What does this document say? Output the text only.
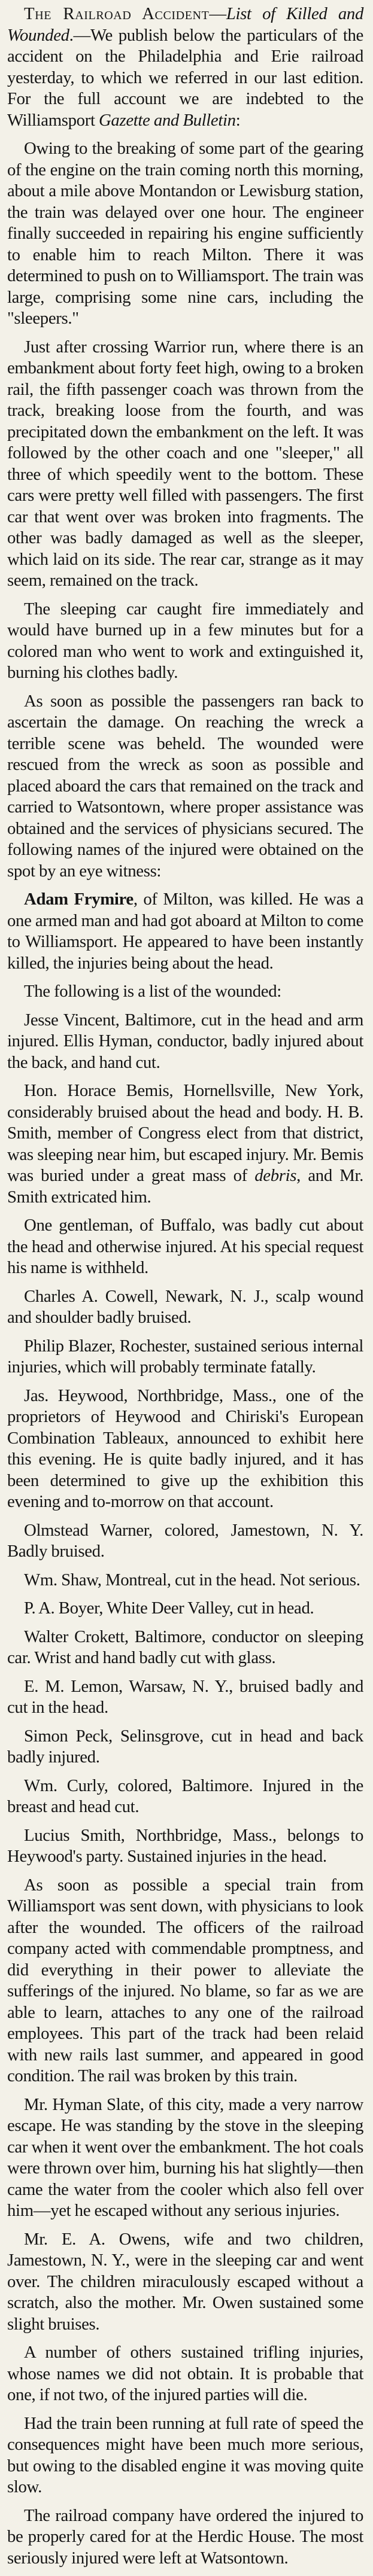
The Railroad Accident—List of Killed and Wounded.—We publish below the particulars of the accident on the Philadelphia and Erie railroad yesterday, to which we referred in our last edition. For the full account we are indebted to the Williamsport Gazette and Bulletin:

Owing to the breaking of some part of the gearing of the engine on the train coming north this morning, about a mile above Montandon or Lewisburg station, the train was delayed over one hour. The engineer finally succeeded in repairing his engine sufficiently to enable him to reach Milton. There it was determined to push on to Williamsport. The train was large, comprising some nine cars, including the "sleepers."

Just after crossing Warrior run, where there is an embankment about forty feet high, owing to a broken rail, the fifth passenger coach was thrown from the track, breaking loose from the fourth, and was precipitated down the embankment on the left. It was followed by the other coach and one "sleeper," all three of which speedily went to the bottom. These cars were pretty well filled with passengers. The first car that went over was broken into fragments. The other was badly damaged as well as the sleeper, which laid on its side. The rear car, strange as it may seem, remained on the track.

The sleeping car caught fire immediately and would have burned up in a few minutes but for a colored man who went to work and extinguished it, burning his clothes badly.

As soon as possible the passengers ran back to ascertain the damage. On reaching the wreck a terrible scene was beheld. The wounded were rescued from the wreck as soon as possible and placed aboard the cars that remained on the track and carried to Watsontown, where proper assistance was obtained and the services of physicians secured. The following names of the injured were obtained on the spot by an eye witness:

Adam Frymire, of Milton, was killed. He was a one armed man and had got aboard at Milton to come to Williamsport. He appeared to have been instantly killed, the injuries being about the head.

The following is a list of the wounded:

Jesse Vincent, Baltimore, cut in the head and arm injured. Ellis Hyman, conductor, badly injured about the back, and hand cut.

Hon. Horace Bemis, Hornellsville, New York, considerably bruised about the head and body. H. B. Smith, member of Congress elect from that district, was sleeping near him, but escaped injury. Mr. Bemis was buried under a great mass of debris, and Mr. Smith extricated him.

One gentleman, of Buffalo, was badly cut about the head and otherwise injured. At his special request his name is withheld.

Charles A. Cowell, Newark, N. J., scalp wound and shoulder badly bruised.

Philip Blazer, Rochester, sustained serious internal injuries, which will probably terminate fatally.

Jas. Heywood, Northbridge, Mass., one of the proprietors of Heywood and Chiriski's European Combination Tableaux, announced to exhibit here this evening. He is quite badly injured, and it has been determined to give up the exhibition this evening and to-morrow on that account.

Olmstead Warner, colored, Jamestown, N. Y. Badly bruised.

Wm. Shaw, Montreal, cut in the head. Not serious.

P. A. Boyer, White Deer Valley, cut in head.

Walter Crokett, Baltimore, conductor on sleeping car. Wrist and hand badly cut with glass.

E. M. Lemon, Warsaw, N. Y., bruised badly and cut in the head.

Simon Peck, Selinsgrove, cut in head and back badly injured.

Wm. Curly, colored, Baltimore. Injured in the breast and head cut.

Lucius Smith, Northbridge, Mass., belongs to Heywood's party. Sustained injuries in the head.

As soon as possible a special train from Williamsport was sent down, with physicians to look after the wounded. The officers of the railroad company acted with commendable promptness, and did everything in their power to alleviate the sufferings of the injured. No blame, so far as we are able to learn, attaches to any one of the railroad employees. This part of the track had been relaid with new rails last summer, and appeared in good condition. The rail was broken by this train.

Mr. Hyman Slate, of this city, made a very narrow escape. He was standing by the stove in the sleeping car when it went over the embankment. The hot coals were thrown over him, burning his hat slightly—then came the water from the cooler which also fell over him—yet he escaped without any serious injuries.

Mr. E. A. Owens, wife and two children, Jamestown, N. Y., were in the sleeping car and went over. The children miraculously escaped without a scratch, also the mother. Mr. Owen sustained some slight bruises.

A number of others sustained trifling injuries, whose names we did not obtain. It is probable that one, if not two, of the injured parties will die.

Had the train been running at full rate of speed the consequences might have been much more serious, but owing to the disabled engine it was moving quite slow.

The railroad company have ordered the injured to be properly cared for at the Herdic House. The most seriously injured were left at Watsontown.
